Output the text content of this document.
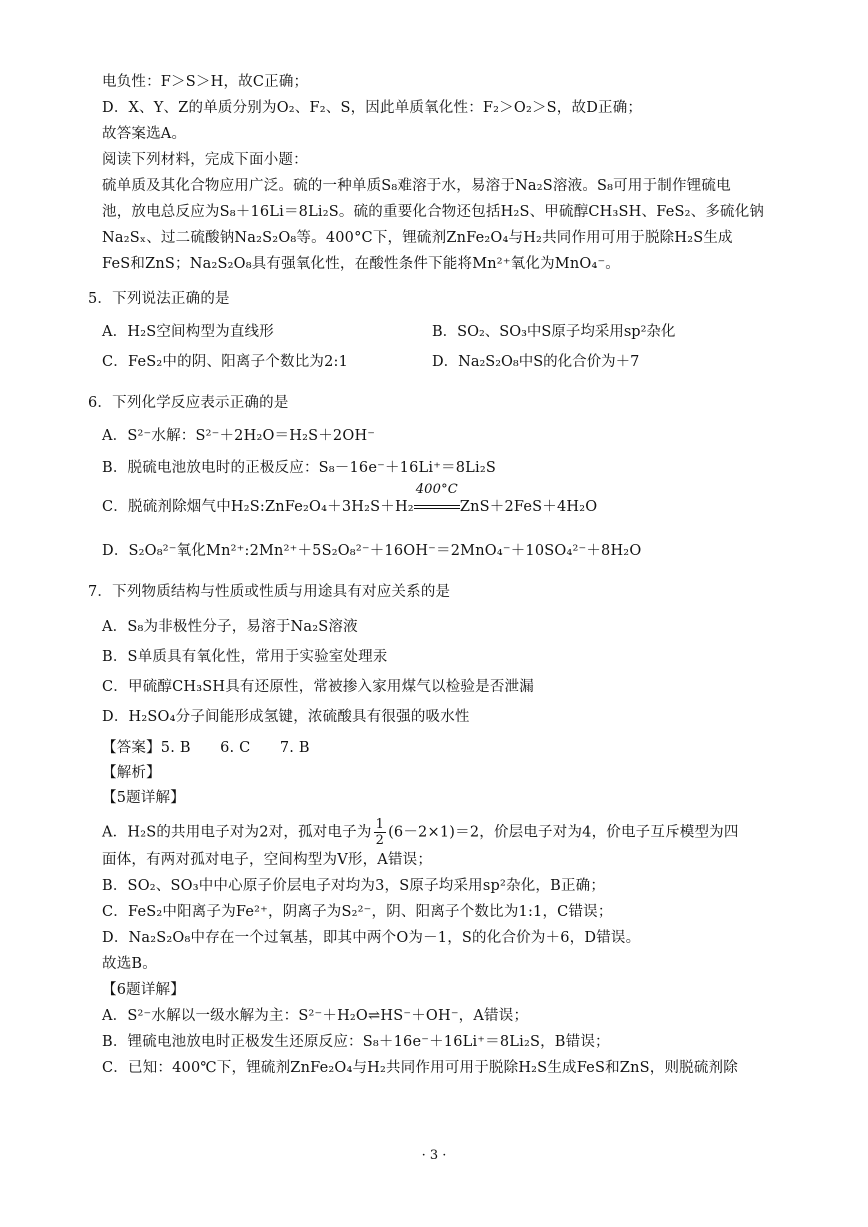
电负性：F＞S＞H，故C正确；
D．X、Y、Z的单质分别为O₂、F₂、S，因此单质氧化性：F₂＞O₂＞S，故D正确；
故答案选A。
阅读下列材料，完成下面小题：
硫单质及其化合物应用广泛。硫的一种单质S₈难溶于水，易溶于Na₂S溶液。S₈可用于制作锂硫电
池，放电总反应为S₈＋16Li＝8Li₂S。硫的重要化合物还包括H₂S、甲硫醇CH₃SH、FeS₂、多硫化钠
Na₂Sₓ、过二硫酸钠Na₂S₂O₈等。400°C下，锂硫剂ZnFe₂O₄与H₂共同作用可用于脱除H₂S生成
FeS和ZnS；Na₂S₂O₈具有强氧化性，在酸性条件下能将Mn²⁺氧化为MnO₄⁻。
5．下列说法正确的是
A．H₂S空间构型为直线形	B．SO₂、SO₃中S原子均采用sp²杂化
C．FeS₂中的阴、阳离子个数比为2:1	D．Na₂S₂O₈中S的化合价为＋7
6．下列化学反应表示正确的是
A．S²⁻水解：S²⁻＋2H₂O＝H₂S＋2OH⁻
B．脱硫电池放电时的正极反应：S₈－16e⁻＋16Li⁺＝8Li₂S
C．脱硫剂除烟气中H₂S:ZnFe₂O₄＋3H₂S＋H₂
400°C
ZnS＋2FeS＋4H₂O
D．S₂O₈²⁻氧化Mn²⁺:2Mn²⁺＋5S₂O₈²⁻＋16OH⁻＝2MnO₄⁻＋10SO₄²⁻＋8H₂O
7．下列物质结构与性质或性质与用途具有对应关系的是
A．S₈为非极性分子，易溶于Na₂S溶液
B．S单质具有氧化性，常用于实验室处理汞
C．甲硫醇CH₃SH具有还原性，常被掺入家用煤气以检验是否泄漏
D．H₂SO₄分子间能形成氢键，浓硫酸具有很强的吸水性
【答案】5. B　　6. C　　7. B
【解析】
【5题详解】
A．H₂S的共用电子对为2对，孤对电子为 $\frac{1}{2} (6-2\times 1)=2$，价层电子对为4，价电子互斥模型为四
面体，有两对孤对电子，空间构型为V形，A错误；
B．SO₂、SO₃中中心原子价层电子对均为3，S原子均采用sp²杂化，B正确；
C．FeS₂中阳离子为Fe²⁺，阴离子为S₂²⁻，阴、阳离子个数比为1:1，C错误；
D．Na₂S₂O₈中存在一个过氧基，即其中两个O为－1，S的化合价为＋6，D错误。
故选B。
【6题详解】
A．S²⁻水解以一级水解为主：S²⁻＋H₂O⇌HS⁻＋OH⁻，A错误；
B．锂硫电池放电时正极发生还原反应：S₈＋16e⁻＋16Li⁺＝8Li₂S，B错误；
C．已知：400℃下，锂硫剂ZnFe₂O₄与H₂共同作用可用于脱除H₂S生成FeS和ZnS，则脱硫剂除
· 3 ·
